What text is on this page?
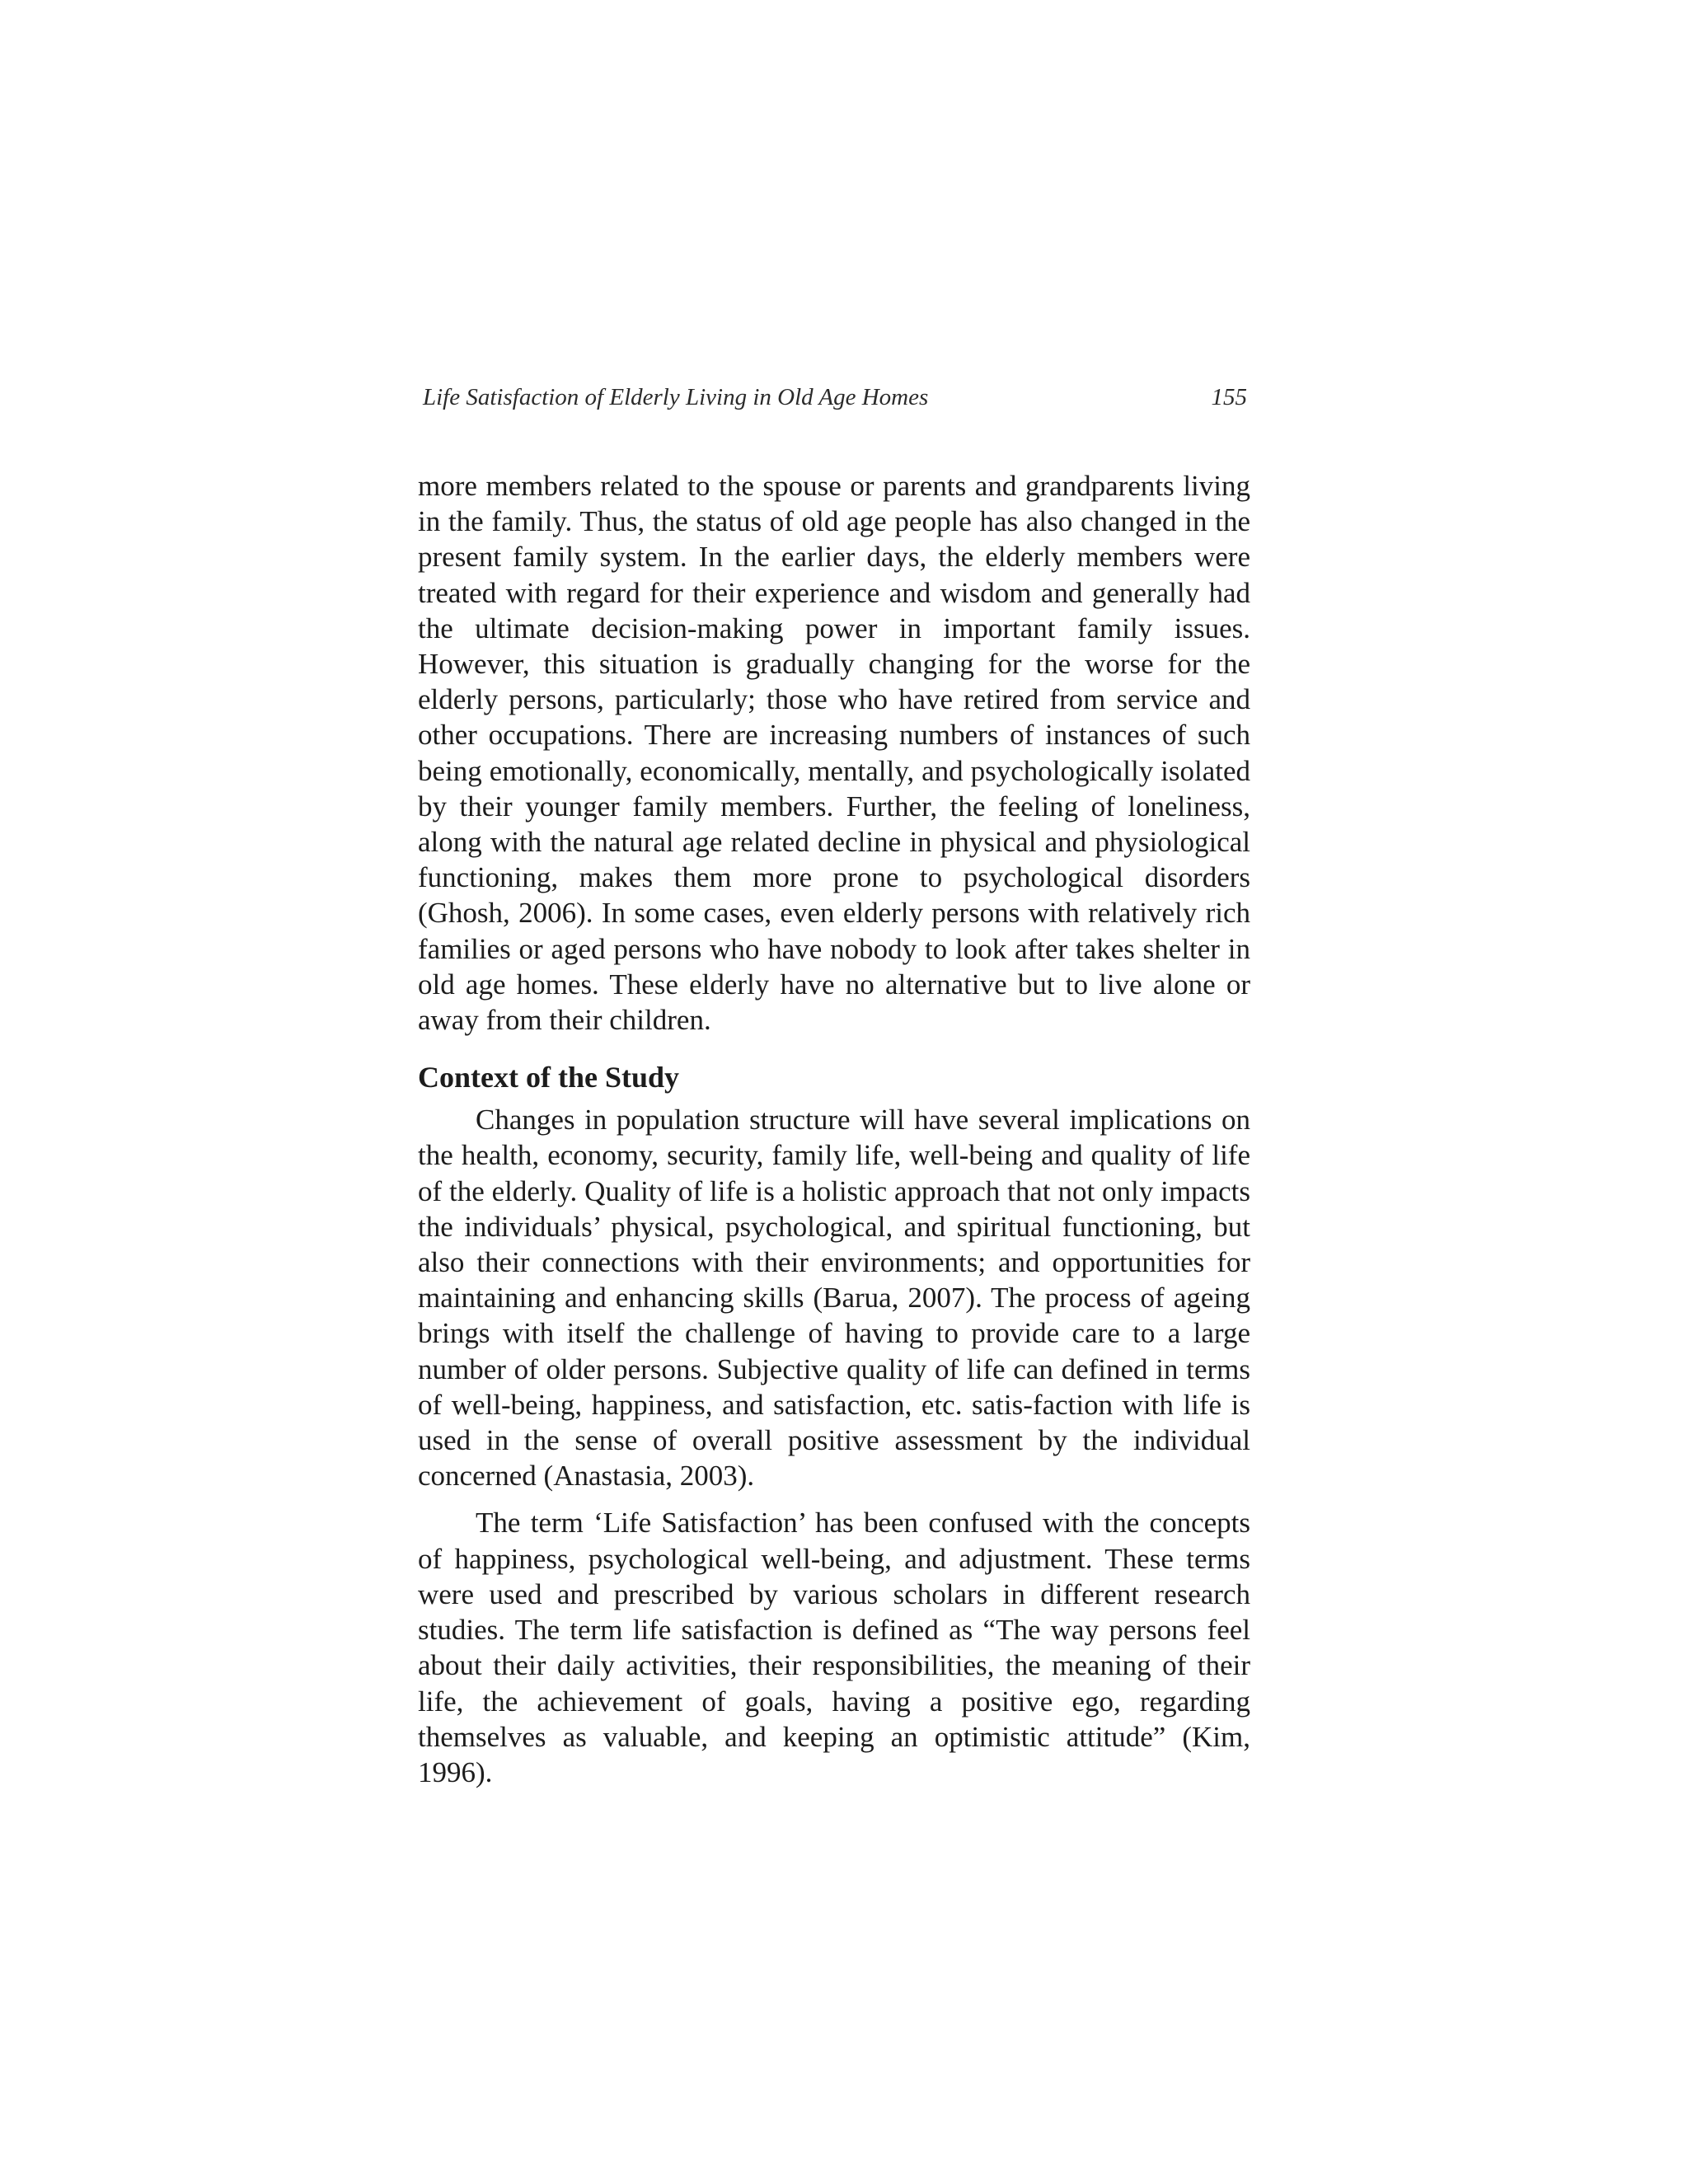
Life Satisfaction of Elderly Living in Old Age Homes	155

more members related to the spouse or parents and grandparents living in the family. Thus, the status of old age people has also changed in the present family system. In the earlier days, the elderly members were treated with regard for their experience and wisdom and generally had the ultimate decision-making power in important family issues. However, this situation is gradually changing for the worse for the elderly persons, particularly; those who have retired from service and other occupations. There are increasing numbers of instances of such being emotionally, economically, mentally, and psychologically isolated by their younger family members. Further, the feeling of loneliness, along with the natural age related decline in physical and physiological functioning, makes them more prone to psychological disorders (Ghosh, 2006). In some cases, even elderly persons with relatively rich families or aged persons who have nobody to look after takes shelter in old age homes. These elderly have no alternative but to live alone or away from their children.

Context of the Study

Changes in population structure will have several implications on the health, economy, security, family life, well-being and quality of life of the elderly. Quality of life is a holistic approach that not only impacts the individuals’ physical, psychological, and spiritual functioning, but also their connections with their environments; and opportunities for maintaining and enhancing skills (Barua, 2007). The process of ageing brings with itself the challenge of having to provide care to a large number of older persons. Subjective quality of life can defined in terms of well-being, happiness, and satisfaction, etc. satis-faction with life is used in the sense of overall positive assessment by the individual concerned (Anastasia, 2003).

The term ‘Life Satisfaction’ has been confused with the concepts of happiness, psychological well-being, and adjustment. These terms were used and prescribed by various scholars in different research studies. The term life satisfaction is defined as “The way persons feel about their daily activities, their responsibilities, the meaning of their life, the achievement of goals, having a positive ego, regarding themselves as valuable, and keeping an optimistic attitude” (Kim, 1996).
